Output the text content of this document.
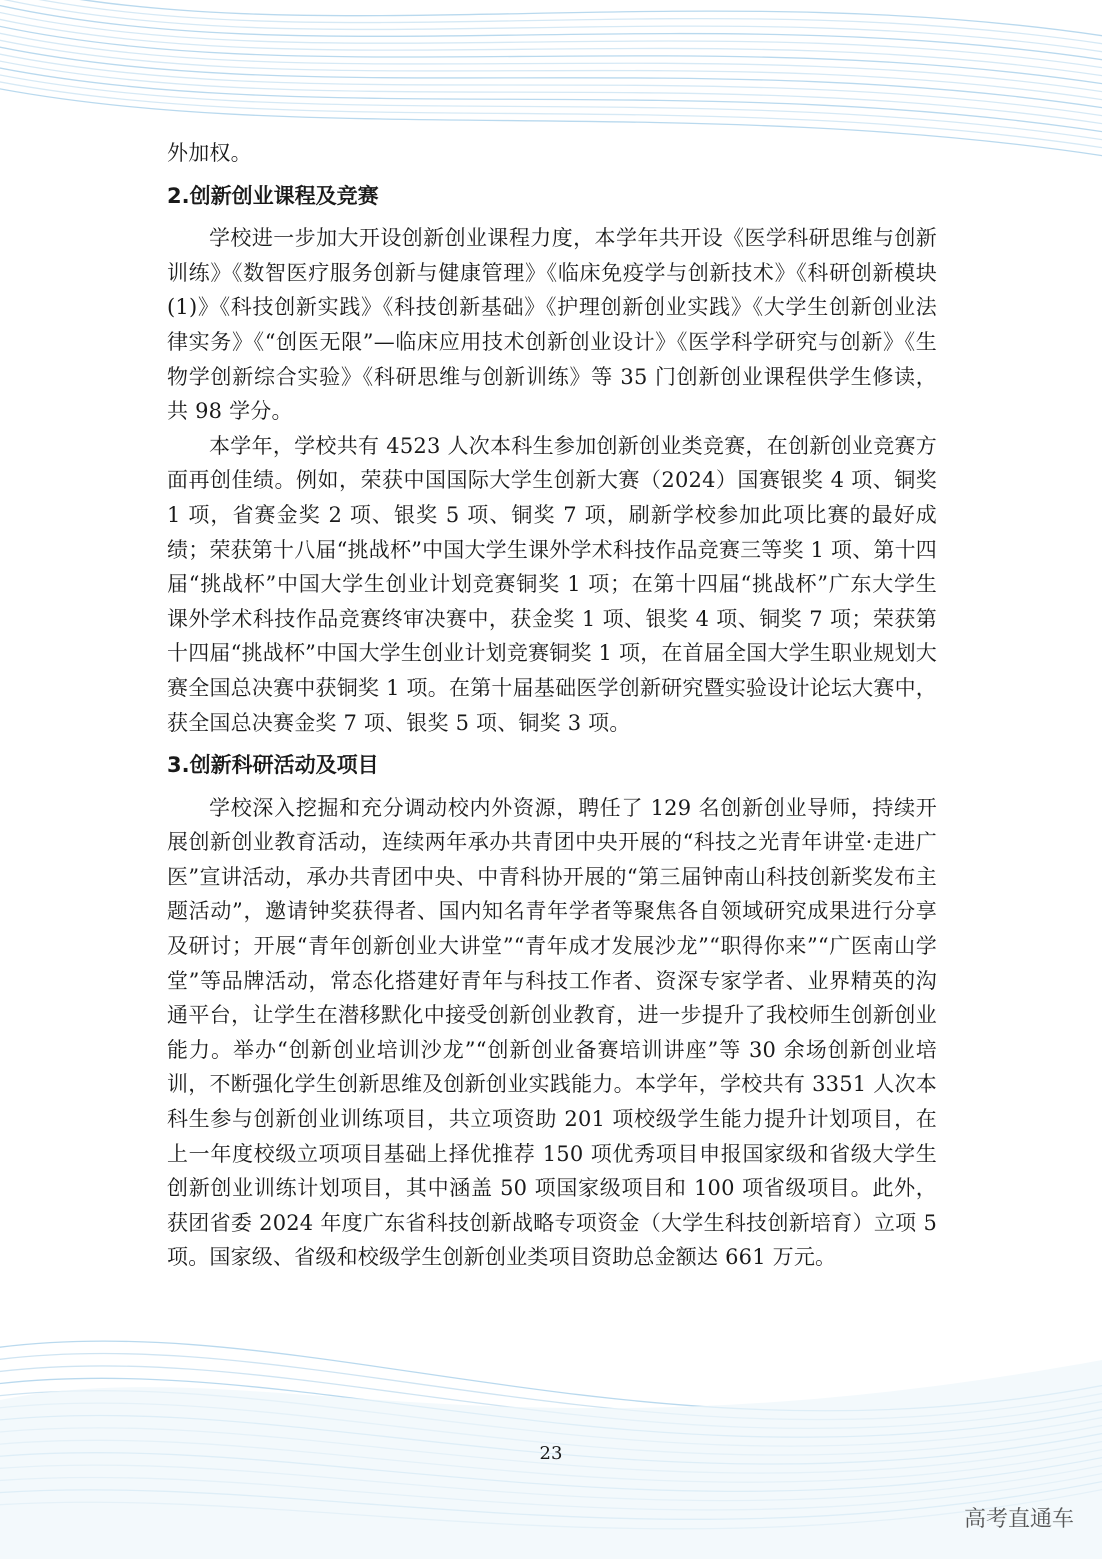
外加权。

2.创新创业课程及竞赛

学校进一步加大开设创新创业课程力度，本学年共开设《医学科研思维与创新训练》《数智医疗服务创新与健康管理》《临床免疫学与创新技术》《科研创新模块(1)》《科技创新实践》《科技创新基础》《护理创新创业实践》《大学生创新创业法律实务》《“创医无限”—临床应用技术创新创业设计》《医学科学研究与创新》《生物学创新综合实验》《科研思维与创新训练》等 35 门创新创业课程供学生修读，共 98 学分。

本学年，学校共有 4523 人次本科生参加创新创业类竞赛，在创新创业竞赛方面再创佳绩。例如，荣获中国国际大学生创新大赛（2024）国赛银奖 4 项、铜奖 1 项，省赛金奖 2 项、银奖 5 项、铜奖 7 项，刷新学校参加此项比赛的最好成绩；荣获第十八届“挑战杯”中国大学生课外学术科技作品竞赛三等奖 1 项、第十四届“挑战杯”中国大学生创业计划竞赛铜奖 1 项；在第十四届“挑战杯”广东大学生课外学术科技作品竞赛终审决赛中，获金奖 1 项、银奖 4 项、铜奖 7 项；荣获第十四届“挑战杯”中国大学生创业计划竞赛铜奖 1 项，在首届全国大学生职业规划大赛全国总决赛中获铜奖 1 项。在第十届基础医学创新研究暨实验设计论坛大赛中，获全国总决赛金奖 7 项、银奖 5 项、铜奖 3 项。

3.创新科研活动及项目

学校深入挖掘和充分调动校内外资源，聘任了 129 名创新创业导师，持续开展创新创业教育活动，连续两年承办共青团中央开展的“科技之光青年讲堂·走进广医”宣讲活动，承办共青团中央、中青科协开展的“第三届钟南山科技创新奖发布主题活动”，邀请钟奖获得者、国内知名青年学者等聚焦各自领域研究成果进行分享及研讨；开展“青年创新创业大讲堂”“青年成才发展沙龙”“职得你来”“广医南山学堂”等品牌活动，常态化搭建好青年与科技工作者、资深专家学者、业界精英的沟通平台，让学生在潜移默化中接受创新创业教育，进一步提升了我校师生创新创业能力。举办“创新创业培训沙龙”“创新创业备赛培训讲座”等 30 余场创新创业培训，不断强化学生创新思维及创新创业实践能力。本学年，学校共有 3351 人次本科生参与创新创业训练项目，共立项资助 201 项校级学生能力提升计划项目，在上一年度校级立项项目基础上择优推荐 150 项优秀项目申报国家级和省级大学生创新创业训练计划项目，其中涵盖 50 项国家级项目和 100 项省级项目。此外，获团省委 2024 年度广东省科技创新战略专项资金（大学生科技创新培育）立项 5 项。国家级、省级和校级学生创新创业类项目资助总金额达 661 万元。

23
高考直通车
